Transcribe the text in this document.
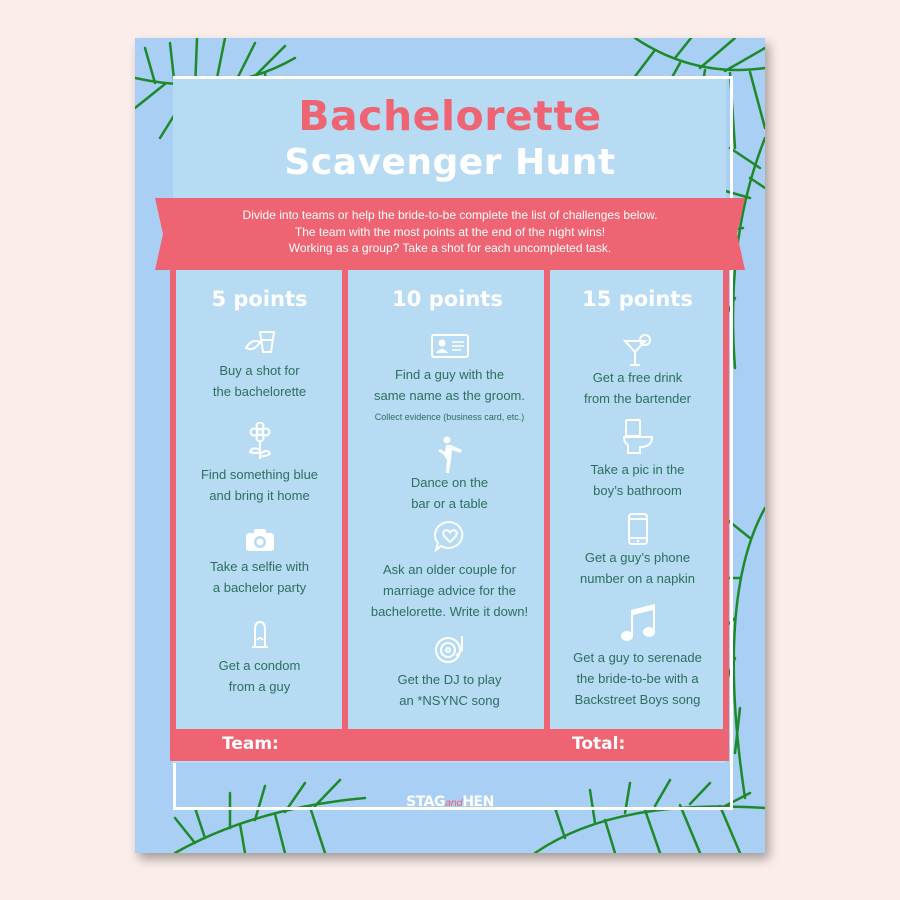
Bachelorette
Scavenger Hunt
Divide into teams or help the bride-to-be complete the list of challenges below.
The team with the most points at the end of the night wins!
Working as a group? Take a shot for each uncompleted task.
5 points	10 points	15 points
Buy a shot for
the bachelorette
Find something blue
and bring it home
Take a selfie with
a bachelor party
Get a condom
from a guy
Find a guy with the
same name as the groom.
Collect evidence (business card, etc.)
Dance on the
bar or a table
Ask an older couple for
marriage advice for the
bachelorette. Write it down!
Get the DJ to play
an *NSYNC song
Get a free drink
from the bartender
Take a pic in the
boy’s bathroom
Get a guy’s phone
number on a napkin
Get a guy to serenade
the bride-to-be with a
Backstreet Boys song
Team:	Total:
STAGandHEN
